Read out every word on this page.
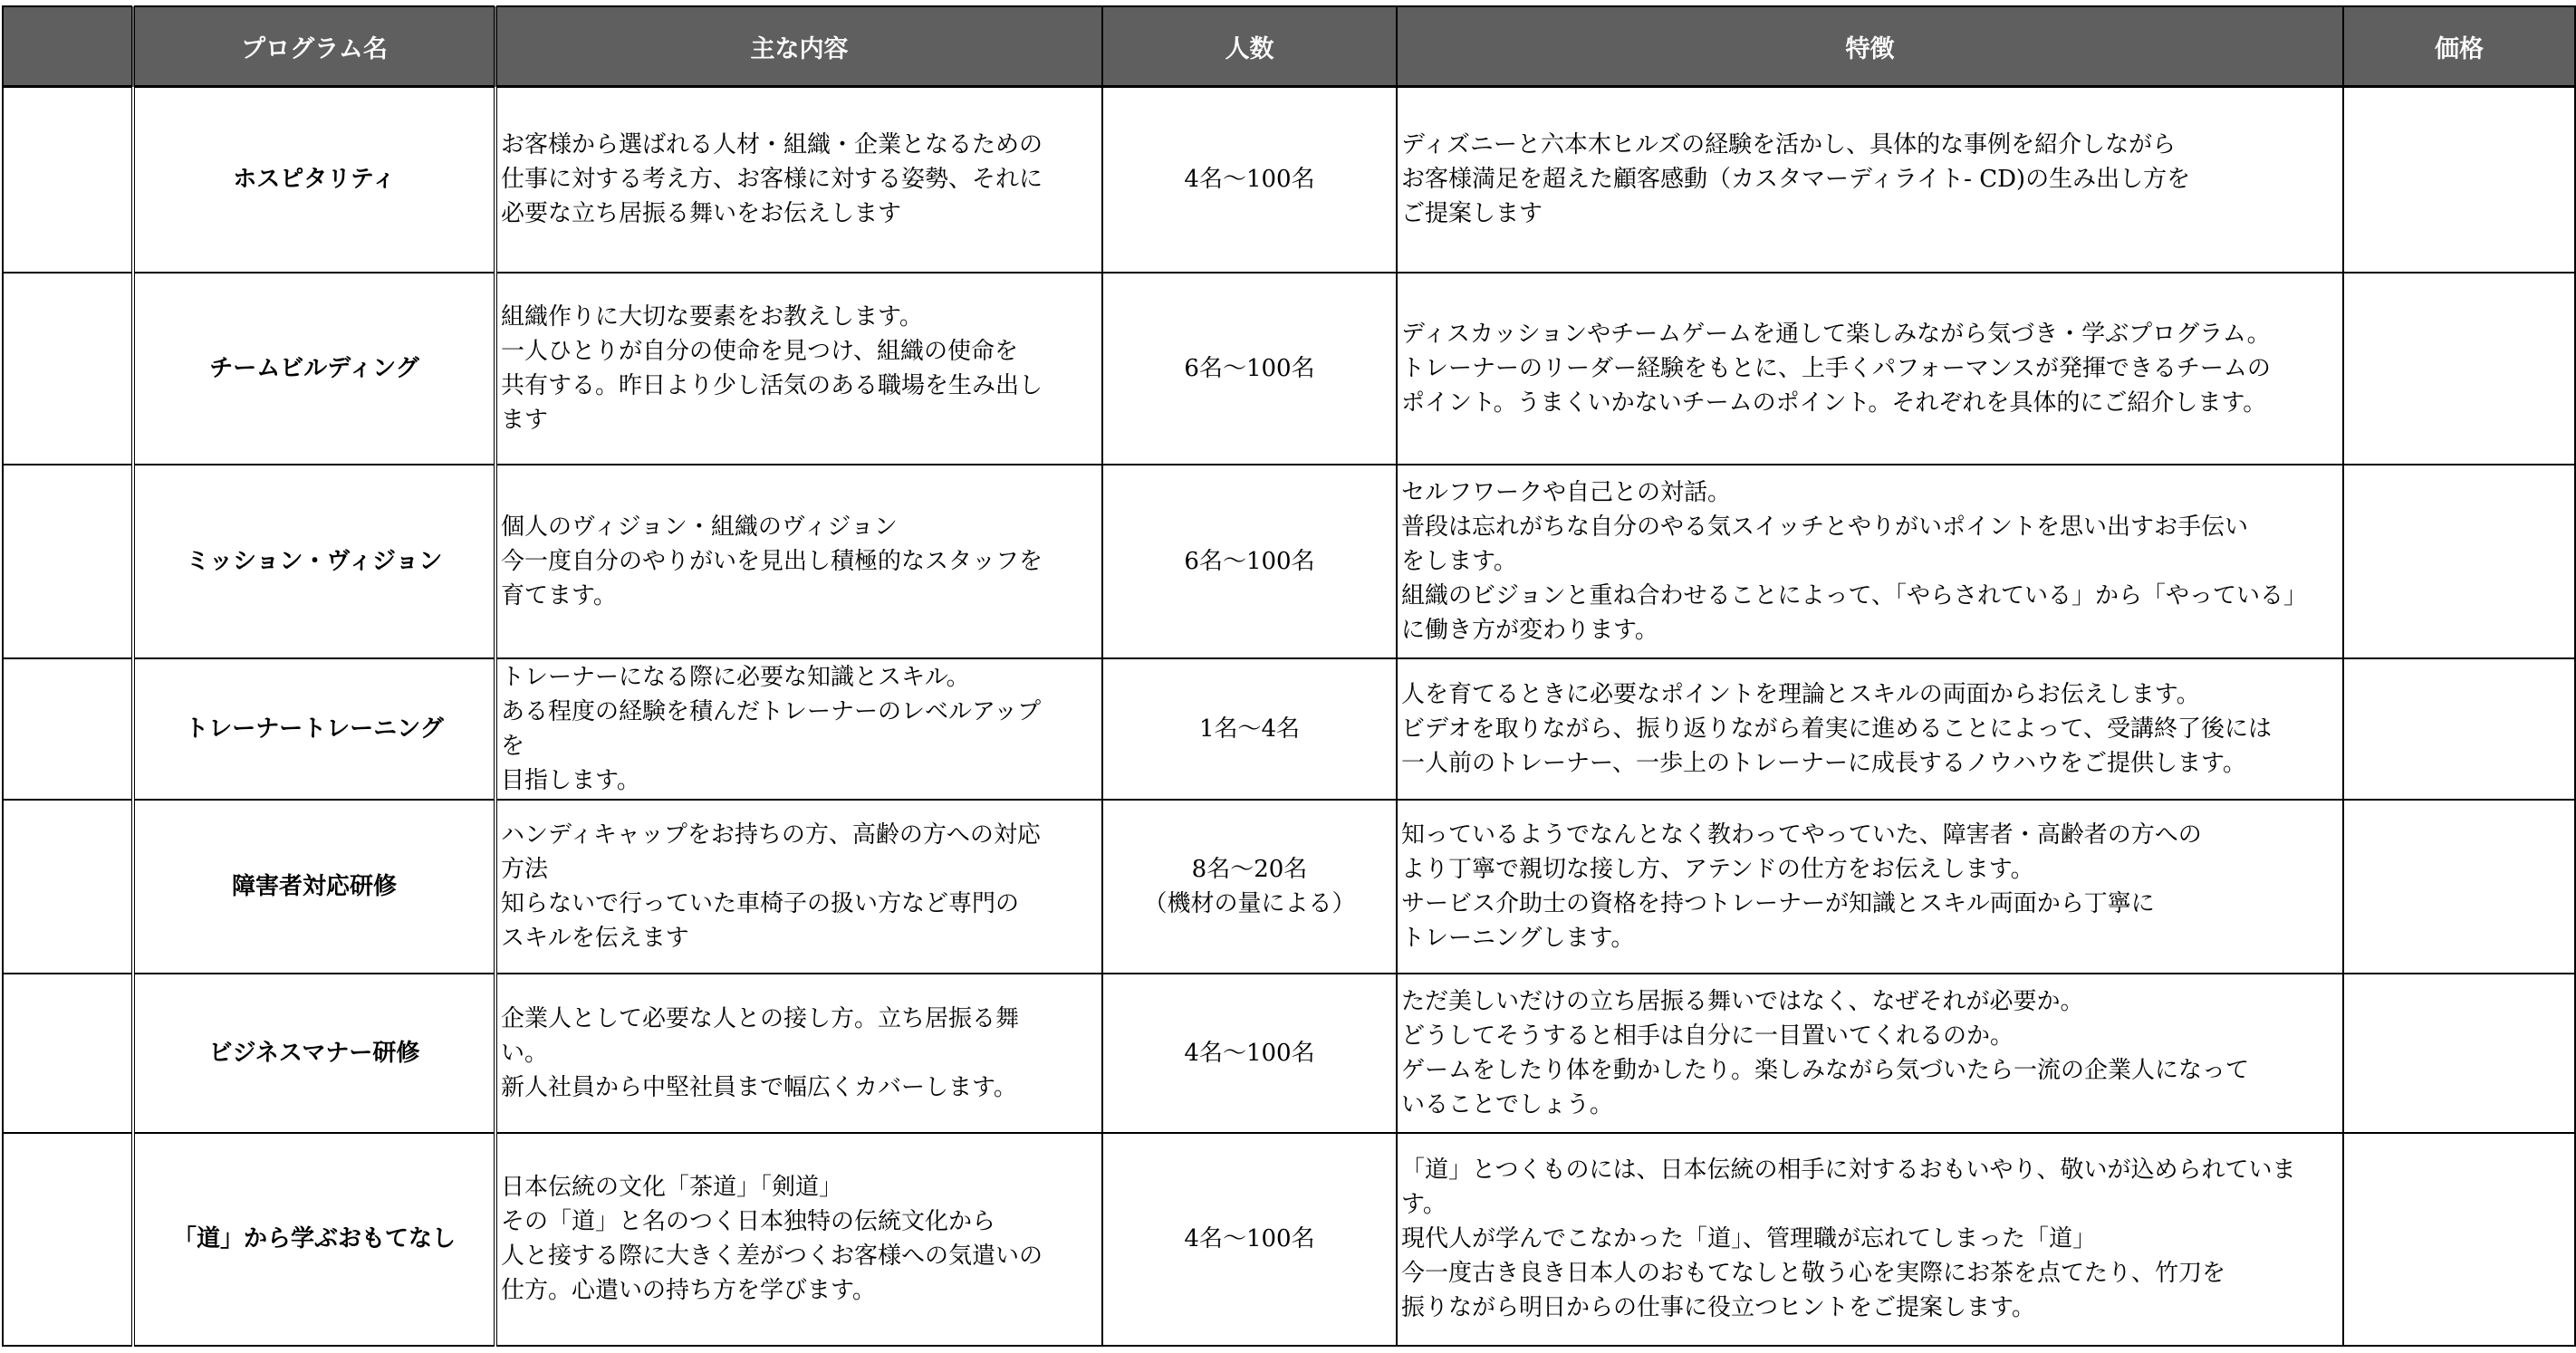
	プログラム名	主な内容	人数	特徴	価格
	ホスピタリティ	お客様から選ばれる人材・組織・企業となるための
仕事に対する考え方、お客様に対する姿勢、それに
必要な立ち居振る舞いをお伝えします	4名～100名	ディズニーと六本木ヒルズの経験を活かし、具体的な事例を紹介しながら
お客様満足を超えた顧客感動（カスタマーディライト- CD)の生み出し方を
ご提案します	

	チームビルディング	組織作りに大切な要素をお教えします。
一人ひとりが自分の使命を見つけ、組織の使命を
共有する。昨日より少し活気のある職場を生み出し
ます	6名～100名	ディスカッションやチームゲームを通して楽しみながら気づき・学ぶプログラム。
トレーナーのリーダー経験をもとに、上手くパフォーマンスが発揮できるチームの
ポイント。うまくいかないチームのポイント。それぞれを具体的にご紹介します。	

	ミッション・ヴィジョン	個人のヴィジョン・組織のヴィジョン
今一度自分のやりがいを見出し積極的なスタッフを
育てます。	6名～100名	セルフワークや自己との対話。
普段は忘れがちな自分のやる気スイッチとやりがいポイントを思い出すお手伝い
をします。
組織のビジョンと重ね合わせることによって、「やらされている」から「やっている」
に働き方が変わります。	

	トレーナートレーニング	トレーナーになる際に必要な知識とスキル。
ある程度の経験を積んだトレーナーのレベルアップ
を
目指します。	1名～4名	人を育てるときに必要なポイントを理論とスキルの両面からお伝えします。
ビデオを取りながら、振り返りながら着実に進めることによって、受講終了後には
一人前のトレーナー、一歩上のトレーナーに成長するノウハウをご提供します。	

	障害者対応研修	ハンディキャップをお持ちの方、高齢の方への対応
方法
知らないで行っていた車椅子の扱い方など専門の
スキルを伝えます	8名～20名
（機材の量による）	知っているようでなんとなく教わってやっていた、障害者・高齢者の方への
より丁寧で親切な接し方、アテンドの仕方をお伝えします。
サービス介助士の資格を持つトレーナーが知識とスキル両面から丁寧に
トレーニングします。	

	ビジネスマナー研修	企業人として必要な人との接し方。立ち居振る舞
い。
新人社員から中堅社員まで幅広くカバーします。	4名～100名	ただ美しいだけの立ち居振る舞いではなく、なぜそれが必要か。
どうしてそうすると相手は自分に一目置いてくれるのか。
ゲームをしたり体を動かしたり。楽しみながら気づいたら一流の企業人になって
いることでしょう。	

	「道」から学ぶおもてなし	日本伝統の文化「茶道」「剣道」
その「道」と名のつく日本独特の伝統文化から
人と接する際に大きく差がつくお客様への気遣いの
仕方。心遣いの持ち方を学びます。	4名～100名	「道」とつくものには、日本伝統の相手に対するおもいやり、敬いが込められていま
す。
現代人が学んでこなかった「道」、管理職が忘れてしまった「道」
今一度古き良き日本人のおもてなしと敬う心を実際にお茶を点てたり、竹刀を
振りながら明日からの仕事に役立つヒントをご提案します。	
